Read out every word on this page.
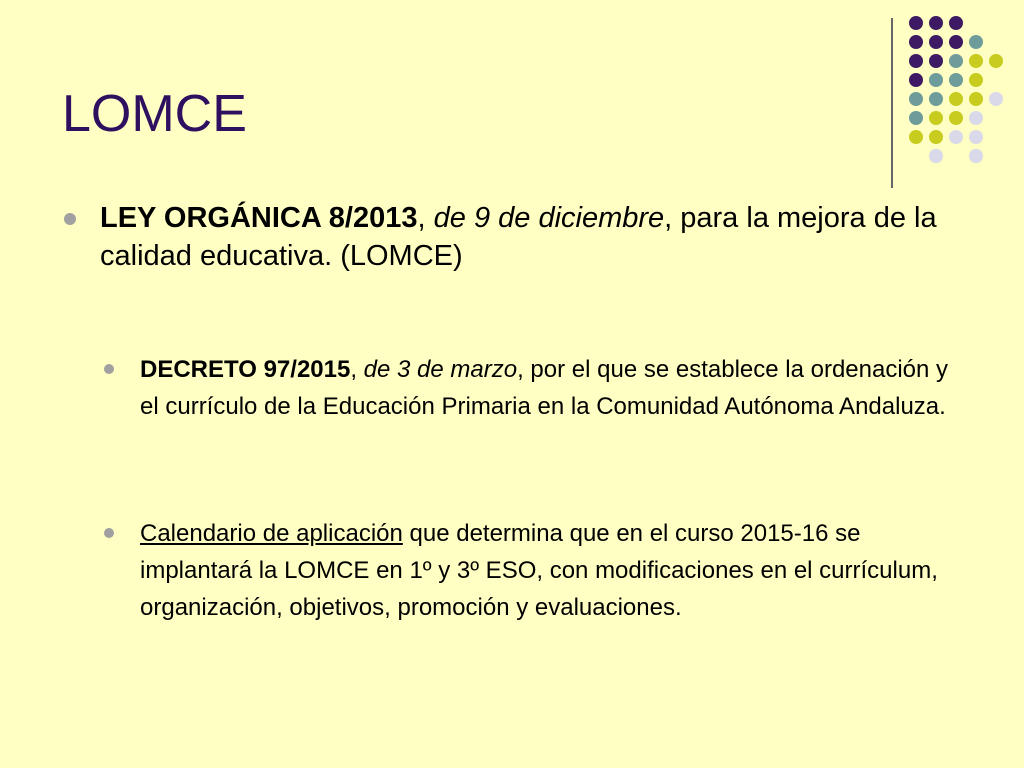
LOMCE
LEY ORGÁNICA 8/2013, de 9 de diciembre, para la mejora de la calidad educativa. (LOMCE)
DECRETO 97/2015, de 3 de marzo, por el que se establece la ordenación y el currículo de la Educación Primaria en la Comunidad Autónoma Andaluza.
Calendario de aplicación que determina que en el curso 2015-16 se implantará la LOMCE en 1º y 3º ESO, con modificaciones en el currículum, organización, objetivos, promoción y evaluaciones.
